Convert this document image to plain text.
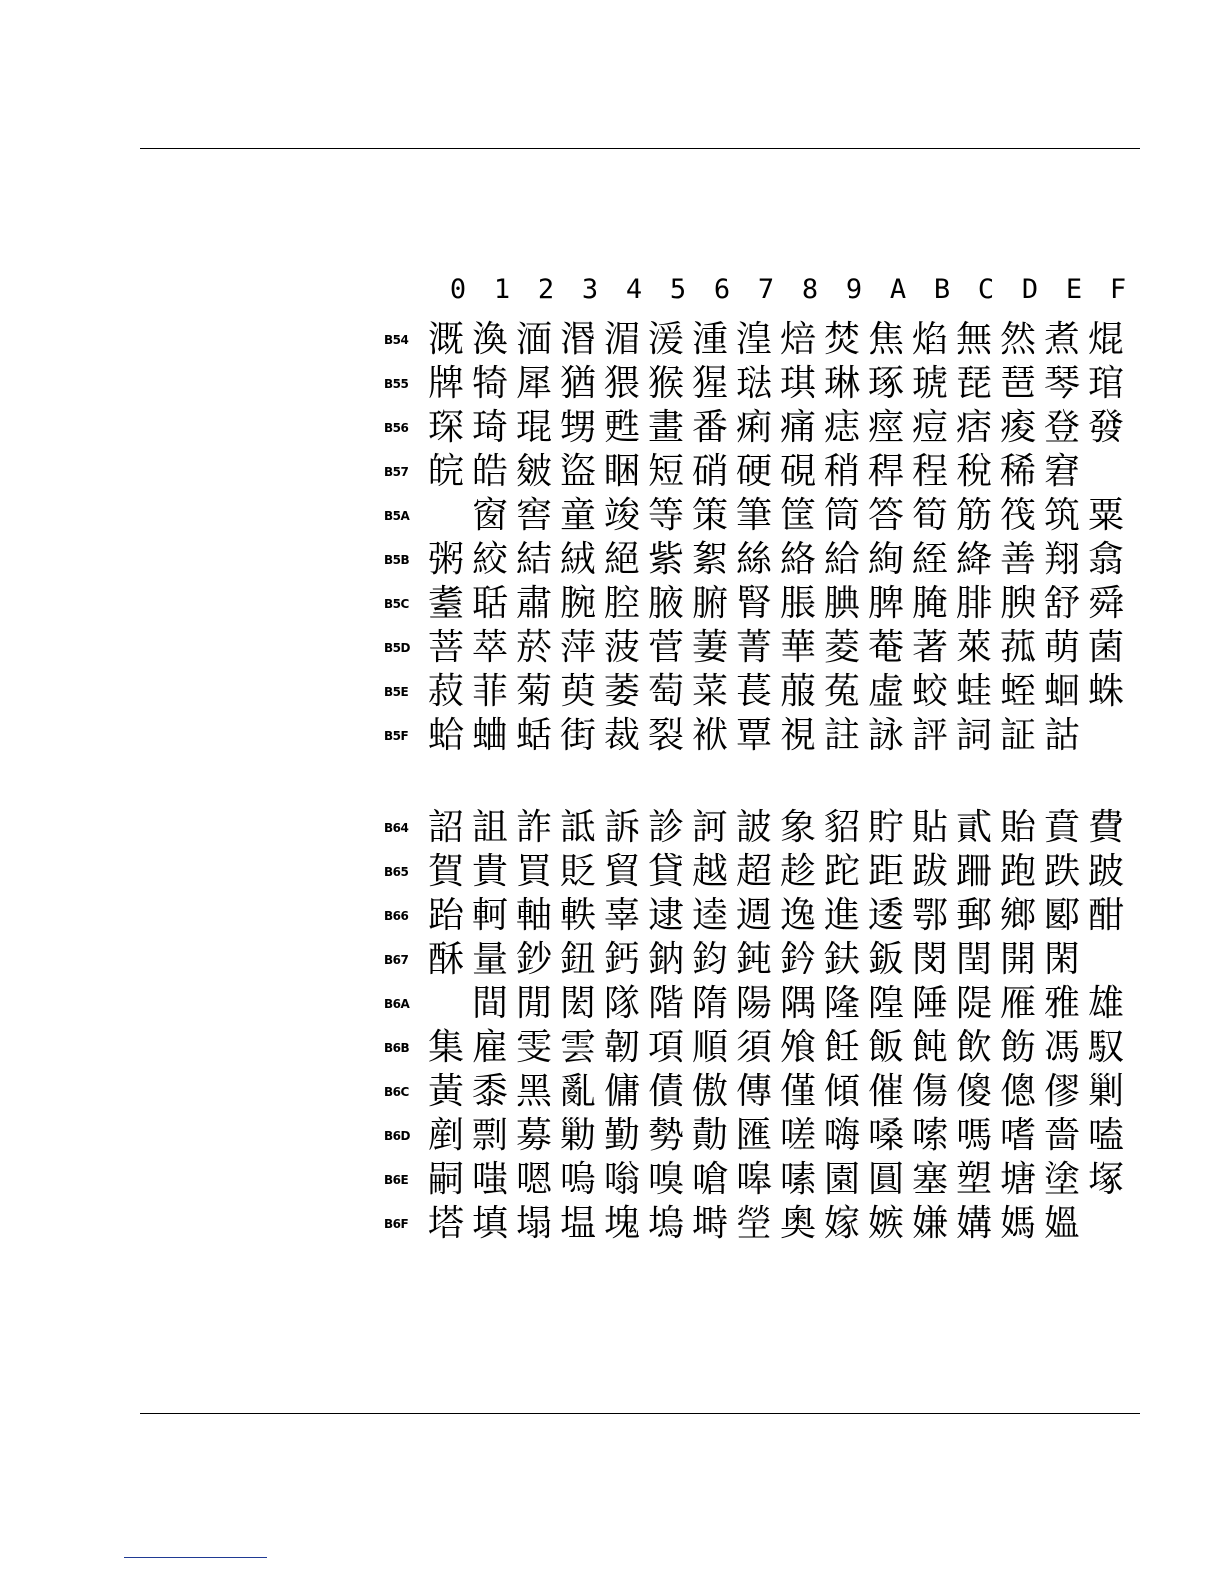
0	1	2	3	4	5	6	7	8	9	A	B	C	D	E	F
B54 溉 渙 湎 湣 湄 湲 湩 湟 焙 焚 焦 焰 無 然 煮 焜
B55 牌 犄 犀 猶 猥 猴 猩 琺 琪 琳 琢 琥 琵 琶 琴 琯
B56 琛 琦 琨 甥 甦 畫 番 痢 痛 痣 痙 痘 痞 痠 登 發
B57 皖 皓 皴 盜 睏 短 硝 硬 硯 稍 稈 程 稅 稀 窘
B5A	窗 窖 童 竣 等 策 筆 筐 筒 答 筍 筋 筏 筑 粟
B5B 粥 絞 結 絨 絕 紫 絮 絲 絡 給 絢 絰 絳 善 翔 翕
B5C 耋 聒 肅 腕 腔 腋 腑 腎 脹 腆 脾 腌 腓 腴 舒 舜
B5D 菩 萃 菸 萍 菠 菅 萋 菁 華 菱 菴 著 萊 菰 萌 菌
B5E 菽 菲 菊 萸 萎 萄 菜 萇 菔 菟 虛 蛟 蛙 蛭 蛔 蛛
B5F 蛤 蛐 蛞 街 裁 裂 袱 覃 視 註 詠 評 詞 証 詁
B64 詔 詛 詐 詆 訴 診 訶 詖 象 貂 貯 貼 貳 貽 賁 費
B65 賀 貴 買 貶 貿 貸 越 超 趁 跎 距 跋 跚 跑 跌 跛
B66 跆 軻 軸 軼 辜 逮 逵 週 逸 進 逶 鄂 郵 鄉 郾 酣
B67 酥 量 鈔 鈕 鈣 鈉 鈞 鈍 鈐 鈇 鈑 閔 閏 開 閑
B6A	間 閒 閎 隊 階 隋 陽 隅 隆 隍 陲 隄 雁 雅 雄
B6B 集 雇 雯 雲 韌 項 順 須 飧 飪 飯 飩 飲 飭 馮 馭
B6C 黃 黍 黑 亂 傭 債 傲 傳 僅 傾 催 傷 傻 傯 僇 剿
B6D 剷 剽 募 勦 勤 勢 勣 匯 嗟 嗨 嗓 嗦 嗎 嗜 嗇 嗑
B6E 嗣 嗤 嗯 嗚 嗡 嗅 嗆 嗥 嗉 園 圓 塞 塑 塘 塗 塚
B6F 塔 填 塌 塭 塊 塢 塒 塋 奧 嫁 嫉 嫌 媾 媽 媼
